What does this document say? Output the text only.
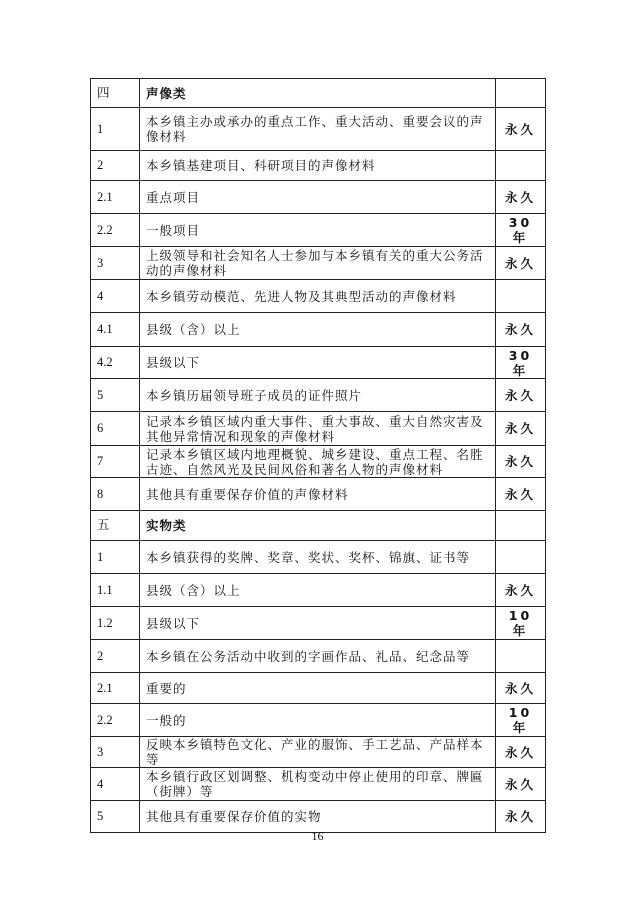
四	声像类	
1	本乡镇主办或承办的重点工作、重大活动、重要会议的声像材料	永久
2	本乡镇基建项目、科研项目的声像材料	
2.1	重点项目	永久
2.2	一般项目	30年
3	上级领导和社会知名人士参加与本乡镇有关的重大公务活动的声像材料	永久
4	本乡镇劳动模范、先进人物及其典型活动的声像材料	
4.1	县级（含）以上	永久
4.2	县级以下	30年
5	本乡镇历届领导班子成员的证件照片	永久
6	记录本乡镇区域内重大事件、重大事故、重大自然灾害及其他异常情况和现象的声像材料	永久
7	记录本乡镇区域内地理概貌、城乡建设、重点工程、名胜古迹、自然风光及民间风俗和著名人物的声像材料	永久
8	其他具有重要保存价值的声像材料	永久
五	实物类	
1	本乡镇获得的奖牌、奖章、奖状、奖杯、锦旗、证书等	
1.1	县级（含）以上	永久
1.2	县级以下	10年
2	本乡镇在公务活动中收到的字画作品、礼品、纪念品等	
2.1	重要的	永久
2.2	一般的	10年
3	反映本乡镇特色文化、产业的服饰、手工艺品、产品样本等	永久
4	本乡镇行政区划调整、机构变动中停止使用的印章、牌匾（街牌）等	永久
5	其他具有重要保存价值的实物	永久
16
